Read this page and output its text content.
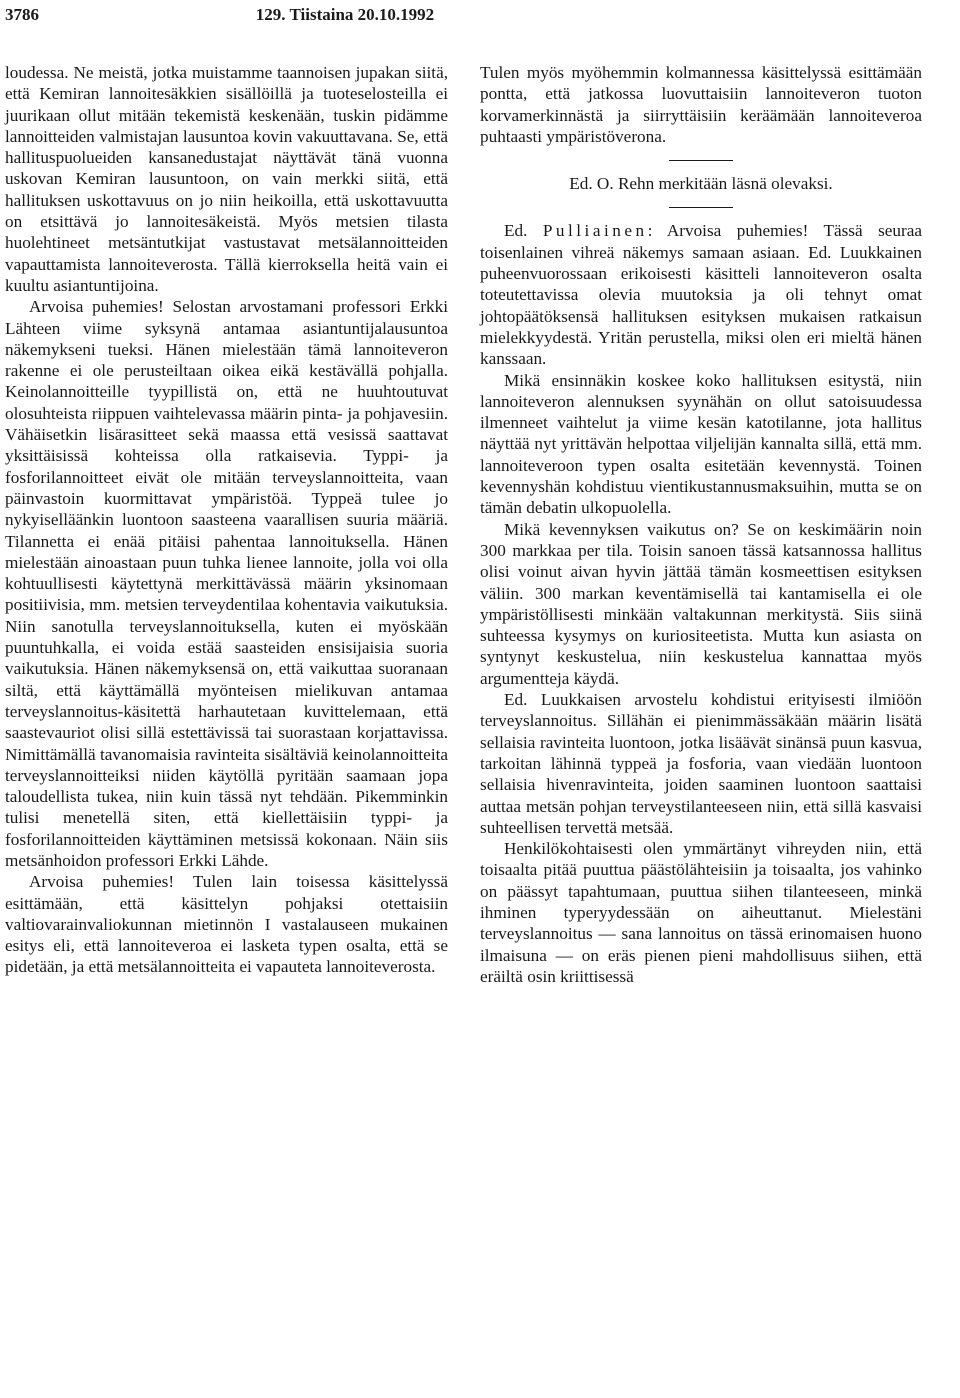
3786	129. Tiistaina 20.10.1992

loudessa. Ne meistä, jotka muistamme taannoisen jupakan siitä, että Kemiran lannoitesäkkien sisällöillä ja tuoteselosteilla ei juurikaan ollut mitään tekemistä keskenään, tuskin pidämme lannoitteiden valmistajan lausuntoa kovin vakuuttavana. Se, että hallituspuolueiden kansanedustajat näyttävät tänä vuonna uskovan Kemiran lausuntoon, on vain merkki siitä, että hallituksen uskottavuus on jo niin heikoilla, että uskottavuutta on etsittävä jo lannoitesäkeistä. Myös metsien tilasta huolehtineet metsäntutkijat vastustavat metsälannoitteiden vapauttamista lannoiteverosta. Tällä kierroksella heitä vain ei kuultu asiantuntijoina.

Arvoisa puhemies! Selostan arvostamani professori Erkki Lähteen viime syksynä antamaa asiantuntijalausuntoa näkemykseni tueksi. Hänen mielestään tämä lannoiteveron rakenne ei ole perusteiltaan oikea eikä kestävällä pohjalla. Keinolannoitteille tyypillistä on, että ne huuhtoutuvat olosuhteista riippuen vaihtelevassa määrin pinta- ja pohjavesiin. Vähäisetkin lisärasitteet sekä maassa että vesissä saattavat yksittäisissä kohteissa olla ratkaisevia. Typpi- ja fosforilannoitteet eivät ole mitään terveyslannoitteita, vaan päinvastoin kuormittavat ympäristöä. Typpeä tulee jo nykyiselläänkin luontoon saasteena vaarallisen suuria määriä. Tilannetta ei enää pitäisi pahentaa lannoituksella. Hänen mielestään ainoastaan puun tuhka lienee lannoite, jolla voi olla kohtuullisesti käytettynä merkittävässä määrin yksinomaan positiivisia, mm. metsien terveydentilaa kohentavia vaikutuksia. Niin sanotulla terveyslannoituksella, kuten ei myöskään puuntuhkalla, ei voida estää saasteiden ensisijaisia suoria vaikutuksia. Hänen näkemyksensä on, että vaikuttaa suoranaan siltä, että käyttämällä myönteisen mielikuvan antamaa terveyslannoitus-käsitettä harhautetaan kuvittelemaan, että saastevauriot olisi sillä estettävissä tai suorastaan korjattavissa. Nimittämällä tavanomaisia ravinteita sisältäviä keinolannoitteita terveyslannoitteiksi niiden käytöllä pyritään saamaan jopa taloudellista tukea, niin kuin tässä nyt tehdään. Pikemminkin tulisi menetellä siten, että kiellettäisiin typpi- ja fosforilannoitteiden käyttäminen metsissä kokonaan. Näin siis metsänhoidon professori Erkki Lähde.

Arvoisa puhemies! Tulen lain toisessa käsittelyssä esittämään, että käsittelyn pohjaksi otettaisiin valtiovarainvaliokunnan mietinnön I vastalauseen mukainen esitys eli, että lannoiteveroa ei lasketa typen osalta, että se pidetään, ja että metsälannoitteita ei vapauteta lannoiteverosta.

Tulen myös myöhemmin kolmannessa käsittelyssä esittämään pontta, että jatkossa luovuttaisiin lannoiteveron tuoton korvamerkinnästä ja siirryttäisiin keräämään lannoiteveroa puhtaasti ympäristöverona.

Ed. O. Rehn merkitään läsnä olevaksi.

Ed. Pulliainen: Arvoisa puhemies! Tässä seuraa toisenlainen vihreä näkemys samaan asiaan. Ed. Luukkainen puheenvuorossaan erikoisesti käsitteli lannoiteveron osalta toteutettavissa olevia muutoksia ja oli tehnyt omat johtopäätöksensä hallituksen esityksen mukaisen ratkaisun mielekkyydestä. Yritän perustella, miksi olen eri mieltä hänen kanssaan.

Mikä ensinnäkin koskee koko hallituksen esitystä, niin lannoiteveron alennuksen syynähän on ollut satoisuudessa ilmenneet vaihtelut ja viime kesän katotilanne, jota hallitus näyttää nyt yrittävän helpottaa viljelijän kannalta sillä, että mm. lannoiteveroon typen osalta esitetään kevennystä. Toinen kevennyshän kohdistuu vientikustannusmaksuihin, mutta se on tämän debatin ulkopuolella.

Mikä kevennyksen vaikutus on? Se on keskimäärin noin 300 markkaa per tila. Toisin sanoen tässä katsannossa hallitus olisi voinut aivan hyvin jättää tämän kosmeettisen esityksen väliin. 300 markan keventämisellä tai kantamisella ei ole ympäristöllisesti minkään valtakunnan merkitystä. Siis siinä suhteessa kysymys on kuriositeetista. Mutta kun asiasta on syntynyt keskustelua, niin keskustelua kannattaa myös argumentteja käydä.

Ed. Luukkaisen arvostelu kohdistui erityisesti ilmiöön terveyslannoitus. Sillähän ei pienimmässäkään määrin lisätä sellaisia ravinteita luontoon, jotka lisäävät sinänsä puun kasvua, tarkoitan lähinnä typpeä ja fosforia, vaan viedään luontoon sellaisia hivenravinteita, joiden saaminen luontoon saattaisi auttaa metsän pohjan terveystilanteeseen niin, että sillä kasvaisi suhteellisen tervettä metsää.

Henkilökohtaisesti olen ymmärtänyt vihreyden niin, että toisaalta pitää puuttua päästölähteisiin ja toisaalta, jos vahinko on päässyt tapahtumaan, puuttua siihen tilanteeseen, minkä ihminen typeryydessään on aiheuttanut. Mielestäni terveyslannoitus — sana lannoitus on tässä erinomaisen huono ilmaisuna — on eräs pienen pieni mahdollisuus siihen, että eräiltä osin kriittisessä
